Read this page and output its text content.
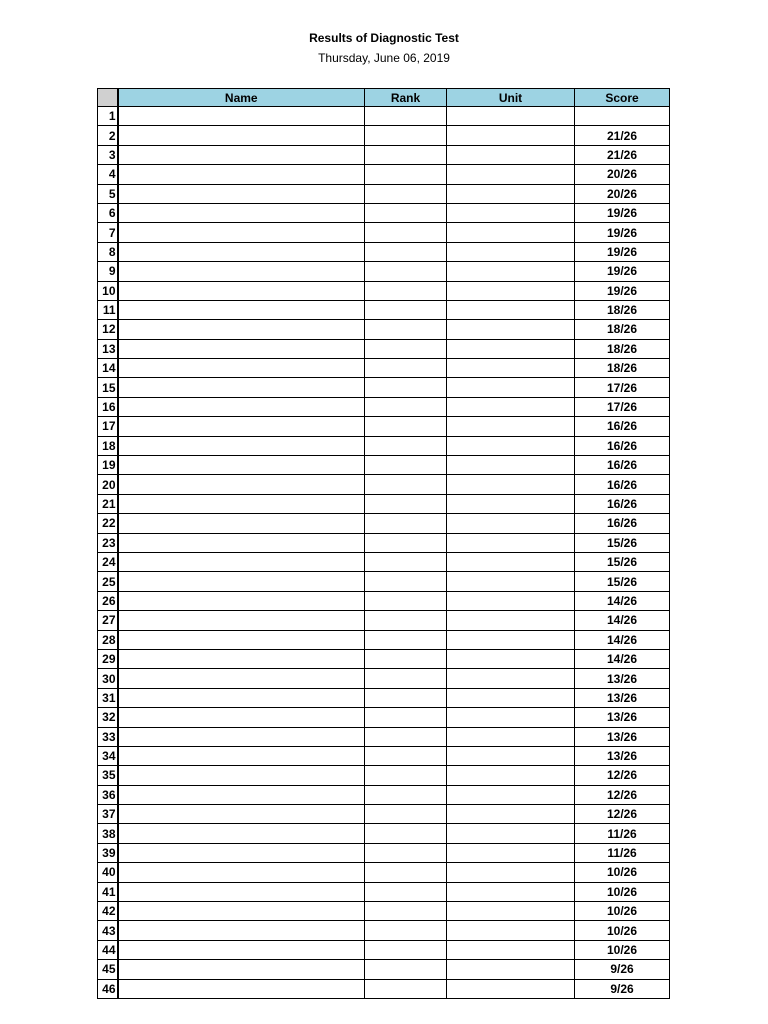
Results of Diagnostic Test
Thursday, June 06, 2019
	Name	Rank	Unit	Score
1				
2				21/26
3				21/26
4				20/26
5				20/26
6				19/26
7				19/26
8				19/26
9				19/26
10				19/26
11				18/26
12				18/26
13				18/26
14				18/26
15				17/26
16				17/26
17				16/26
18				16/26
19				16/26
20				16/26
21				16/26
22				16/26
23				15/26
24				15/26
25				15/26
26				14/26
27				14/26
28				14/26
29				14/26
30				13/26
31				13/26
32				13/26
33				13/26
34				13/26
35				12/26
36				12/26
37				12/26
38				11/26
39				11/26
40				10/26
41				10/26
42				10/26
43				10/26
44				10/26
45				9/26
46				9/26
